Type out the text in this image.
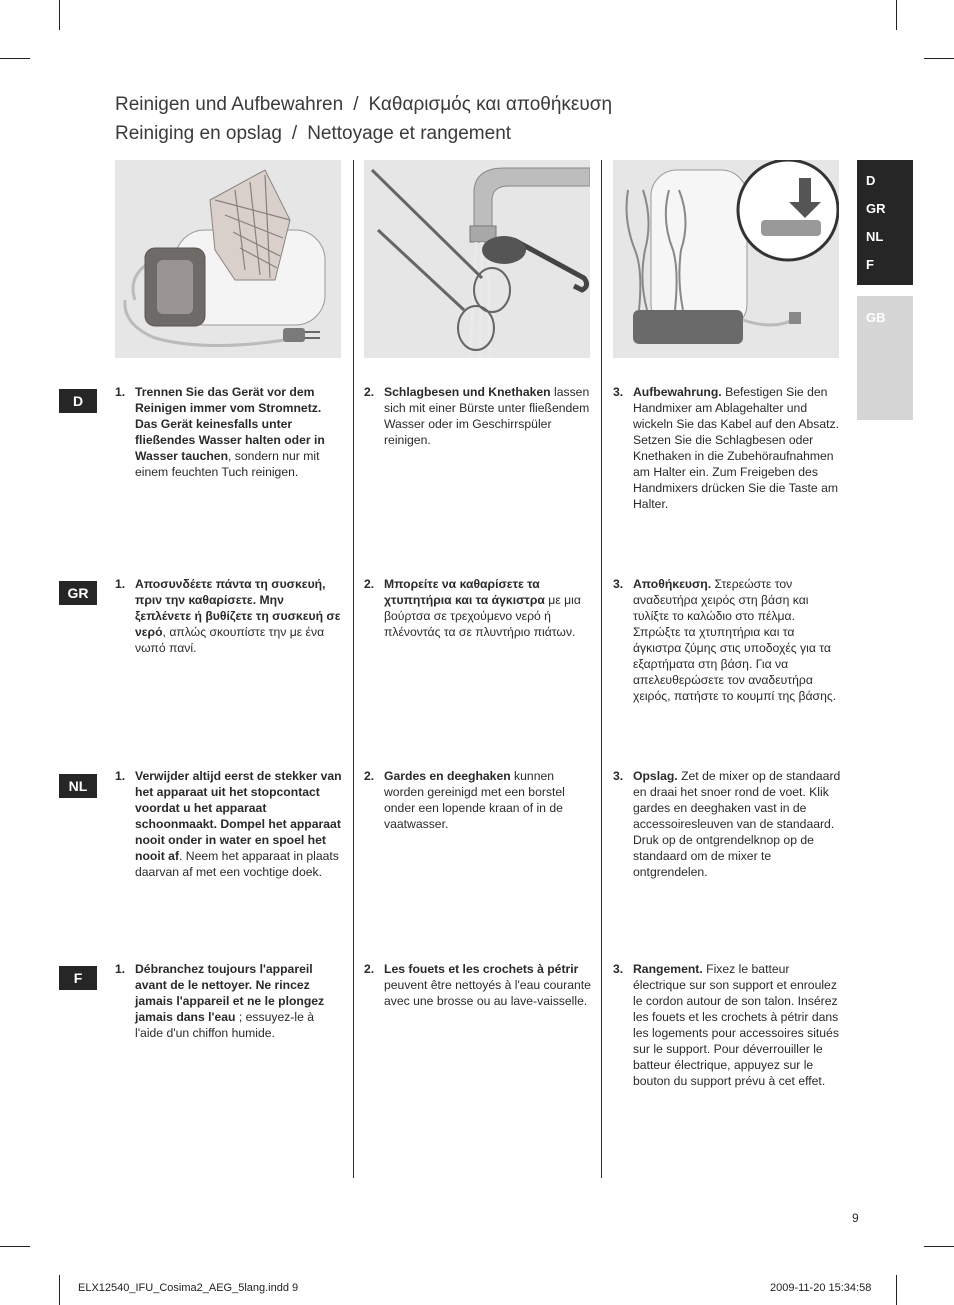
Reinigen und Aufbewahren / Καθαρισμός και αποθήκευση
Reiniging en opslag / Nettoyage et rangement
D
GR
NL
F
GB
D
GR
NL
F
1. Trennen Sie das Gerät vor dem Reinigen immer vom Stromnetz. Das Gerät keinesfalls unter fließendes Wasser halten oder in Wasser tauchen, sondern nur mit einem feuchten Tuch reinigen.
2. Schlagbesen und Knethaken lassen sich mit einer Bürste unter fließendem Wasser oder im Geschirrspüler reinigen.
3. Aufbewahrung. Befestigen Sie den Handmixer am Ablagehalter und wickeln Sie das Kabel auf den Absatz. Setzen Sie die Schlagbesen oder Knethaken in die Zubehöraufnahmen am Halter ein. Zum Freigeben des Handmixers drücken Sie die Taste am Halter.
1. Αποσυνδέετε πάντα τη συσκευή, πριν την καθαρίσετε. Μην ξεπλένετε ή βυθίζετε τη συσκευή σε νερό, απλώς σκουπίστε την με ένα νωπό πανί.
2. Μπορείτε να καθαρίσετε τα χτυπητήρια και τα άγκιστρα με μια βούρτσα σε τρεχούμενο νερό ή πλένοντάς τα σε πλυντήριο πιάτων.
3. Αποθήκευση. Στερεώστε τον αναδευτήρα χειρός στη βάση και τυλίξτε το καλώδιο στο πέλμα. Σπρώξτε τα χτυπητήρια και τα άγκιστρα ζύμης στις υποδοχές για τα εξαρτήματα στη βάση. Για να απελευθερώσετε τον αναδευτήρα χειρός, πατήστε το κουμπί της βάσης.
1. Verwijder altijd eerst de stekker van het apparaat uit het stopcontact voordat u het apparaat schoonmaakt. Dompel het apparaat nooit onder in water en spoel het nooit af. Neem het apparaat in plaats daarvan af met een vochtige doek.
2. Gardes en deeghaken kunnen worden gereinigd met een borstel onder een lopende kraan of in de vaatwasser.
3. Opslag. Zet de mixer op de standaard en draai het snoer rond de voet. Klik gardes en deeghaken vast in de accessoiresleuven van de standaard. Druk op de ontgrendelknop op de standaard om de mixer te ontgrendelen.
1. Débranchez toujours l'appareil avant de le nettoyer. Ne rincez jamais l'appareil et ne le plongez jamais dans l'eau ; essuyez-le à l'aide d'un chiffon humide.
2. Les fouets et les crochets à pétrir peuvent être nettoyés à l'eau courante avec une brosse ou au lave-vaisselle.
3. Rangement. Fixez le batteur électrique sur son support et enroulez le cordon autour de son talon. Insérez les fouets et les crochets à pétrir dans les logements pour accessoires situés sur le support. Pour déverrouiller le batteur électrique, appuyez sur le bouton du support prévu à cet effet.
9
ELX12540_IFU_Cosima2_AEG_5lang.indd 9	2009-11-20 15:34:58
